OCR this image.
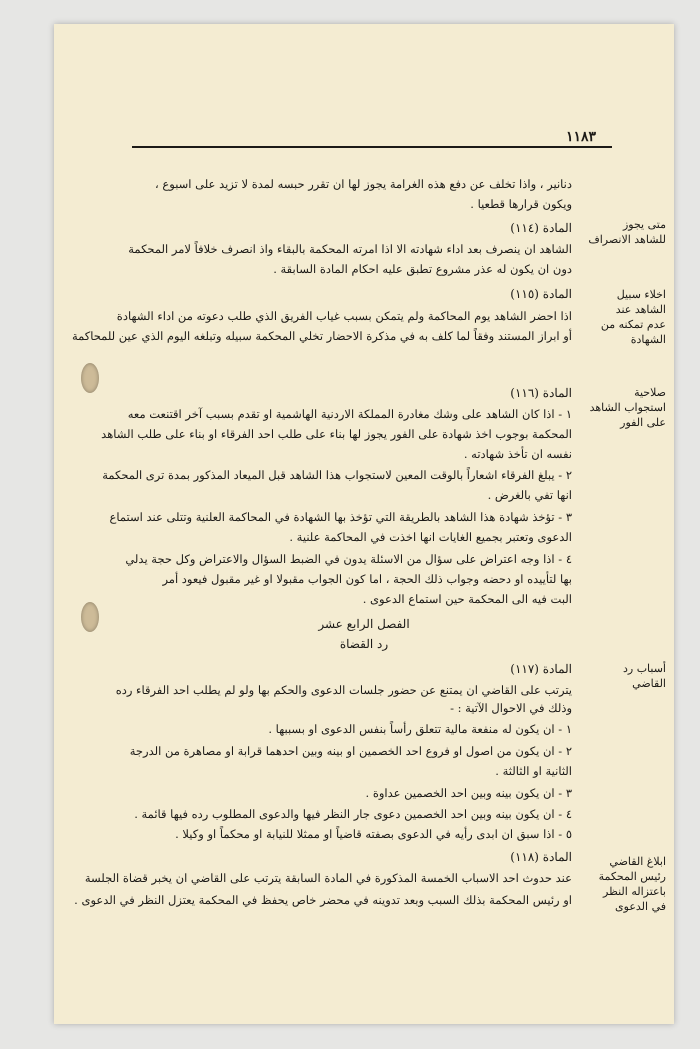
١١٨٣
دنانير ، واذا تخلف عن دفع هذه الغرامة يجوز لها ان تقرر حبسه لمدة لا تزيد على اسبوع ،
ويكون قرارها قطعيا .
المادة (١١٤)
الشاهد ان ينصرف بعد اداء شهادته الا اذا امرته المحكمة بالبقاء واذ انصرف خلافاً لامر المحكمة
دون ان يكون له عذر مشروع تطبق عليه احكام المادة السابقة .
متى يجوز
للشاهد الانصراف
المادة (١١٥)
اذا احضر الشاهد يوم المحاكمة ولم يتمكن بسبب غياب الفريق الذي طلب دعوته من اداء الشهادة
أو ابراز المستند وفقاً لما كلف به في مذكرة الاحضار تخلي المحكمة سبيله وتبلغه اليوم الذي عين للمحاكمة
اخلاء سبيل
الشاهد عند
عدم تمكنه من
الشهادة
المادة (١١٦)
١ - اذا كان الشاهد على وشك مغادرة المملكة الاردنية الهاشمية او تقدم بسبب آخر اقتنعت معه
المحكمة بوجوب اخذ شهادة على الفور يجوز لها بناء على طلب احد الفرقاء او بناء على طلب الشاهد
نفسه ان تأخذ شهادته .
٢ - يبلغ الفرقاء اشعاراً بالوقت المعين لاستجواب هذا الشاهد قبل الميعاد المذكور بمدة ترى المحكمة
انها تفي بالغرض .
٣ - تؤخذ شهادة هذا الشاهد بالطريقة التي تؤخذ بها الشهادة في المحاكمة العلنية وتتلى عند استماع
الدعوى وتعتبر بجميع الغايات انها اخذت في المحاكمة علنية .
٤ - اذا وجه اعتراض على سؤال من الاسئلة يدون في الضبط السؤال والاعتراض وكل حجة يدلي
بها لتأييده او دحضه وجواب ذلك الحجة ، اما كون الجواب مقبولا او غير مقبول فيعود أمر
البت فيه الى المحكمة حين استماع الدعوى .
صلاحية
استجواب الشاهد
على الفور
الفصل الرابع عشر
رد القضاة
المادة (١١٧)
يترتب على القاضي ان يمتنع عن حضور جلسات الدعوى والحكم بها ولو لم يطلب احد الفرقاء رده
وذلك في الاحوال الآتية : -
١ - ان يكون له منفعة مالية تتعلق رأساً بنفس الدعوى او بسببها .
٢ - ان يكون من اصول او فروع احد الخصمين او بينه وبين احدهما قرابة او مصاهرة من الدرجة
الثانية او الثالثة .
٣ - ان يكون بينه وبين احد الخصمين عداوة .
٤ - ان يكون بينه وبين احد الخصمين دعوى جار النظر فيها والدعوى المطلوب رده فيها قائمة .
٥ - اذا سبق ان ابدى رأيه في الدعوى بصفته قاضياً او ممثلا للنيابة او محكماً او وكيلا .
أسباب رد
القاضي
المادة (١١٨)
عند حدوث احد الاسباب الخمسة المذكورة في المادة السابقة يترتب على القاضي ان يخبر قضاة الجلسة
او رئيس المحكمة بذلك السبب وبعد تدوينه في محضر خاص يحفظ في المحكمة يعتزل النظر في الدعوى .
ابلاغ القاضي
رئيس المحكمة
باعتزاله النظر
في الدعوى
